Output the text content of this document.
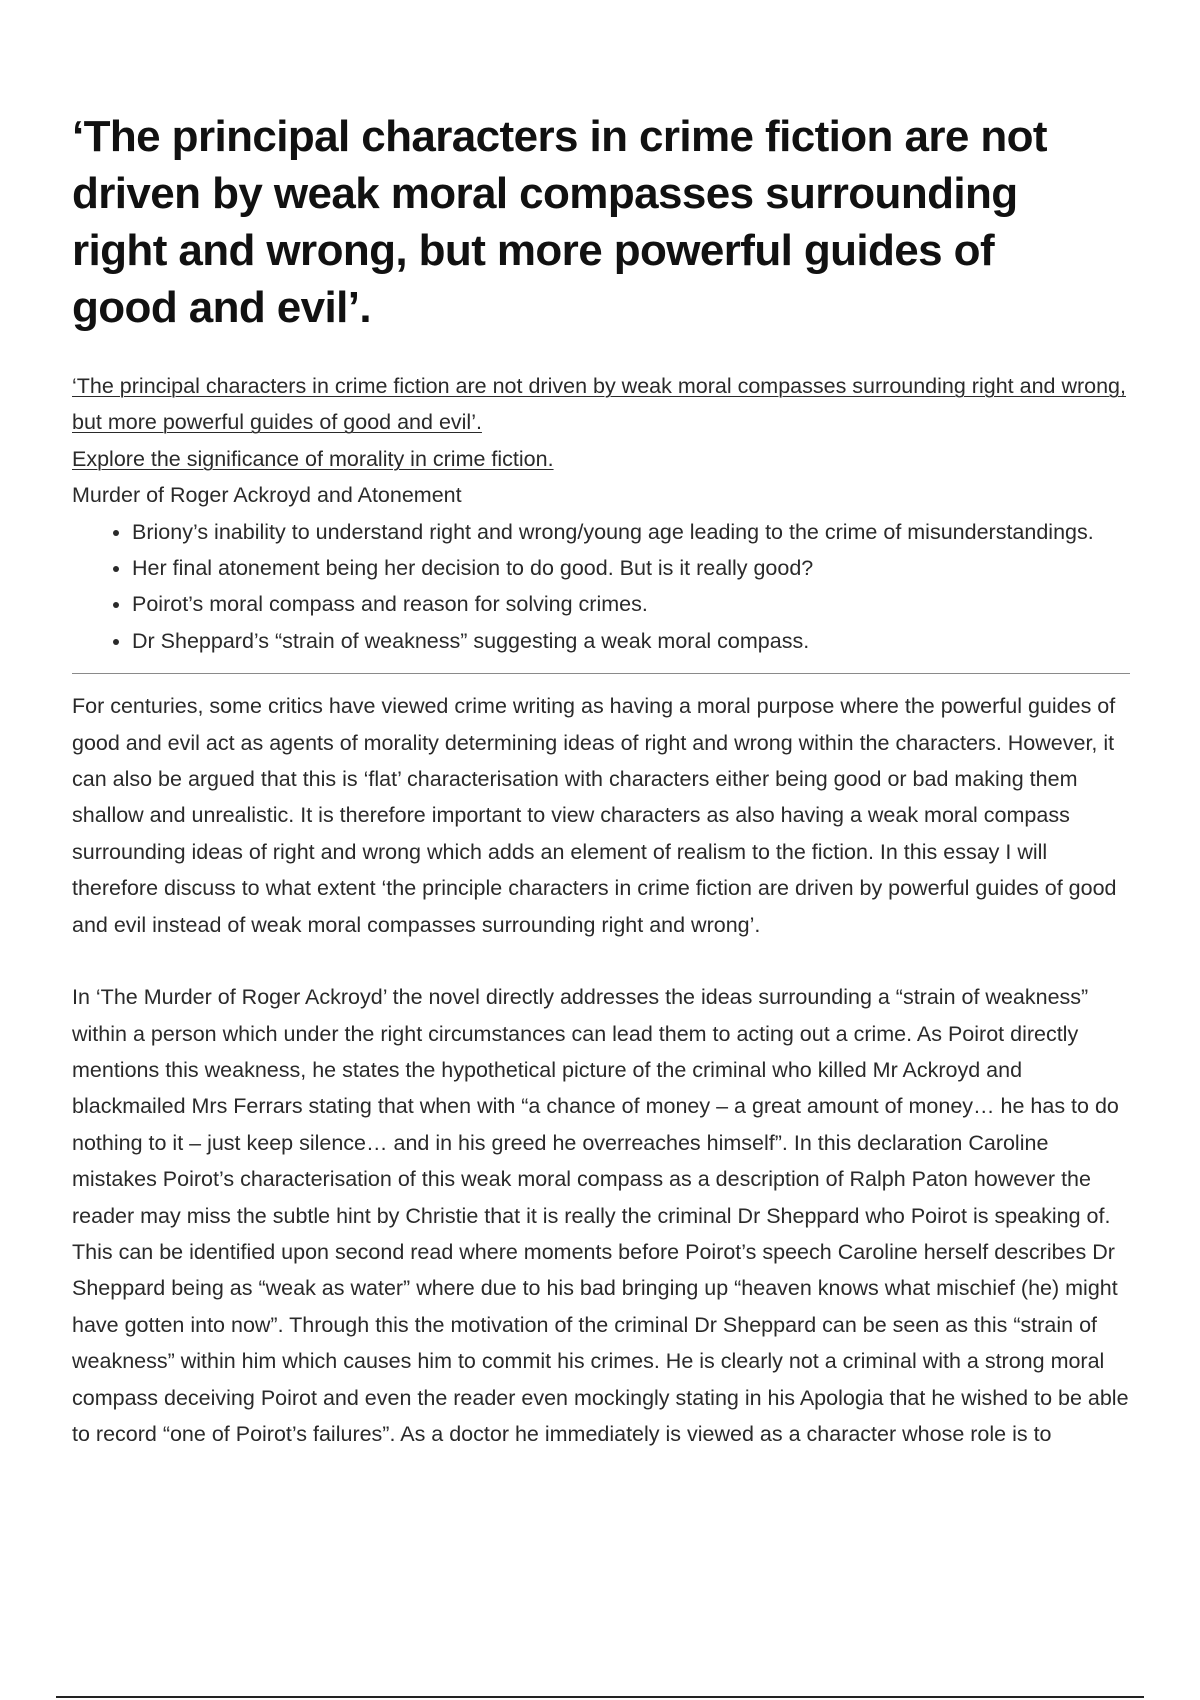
‘The principal characters in crime fiction are not driven by weak moral compasses surrounding right and wrong, but more powerful guides of good and evil’.
‘The principal characters in crime fiction are not driven by weak moral compasses surrounding right and wrong, but more powerful guides of good and evil’.
Explore the significance of morality in crime fiction.
Murder of Roger Ackroyd and Atonement
• Briony’s inability to understand right and wrong/young age leading to the crime of misunderstandings.
• Her final atonement being her decision to do good. But is it really good?
• Poirot’s moral compass and reason for solving crimes.
• Dr Sheppard’s “strain of weakness” suggesting a weak moral compass.

For centuries, some critics have viewed crime writing as having a moral purpose where the powerful guides of good and evil act as agents of morality determining ideas of right and wrong within the characters. However, it can also be argued that this is ‘flat’ characterisation with characters either being good or bad making them shallow and unrealistic. It is therefore important to view characters as also having a weak moral compass surrounding ideas of right and wrong which adds an element of realism to the fiction. In this essay I will therefore discuss to what extent ‘the principle characters in crime fiction are driven by powerful guides of good and evil instead of weak moral compasses surrounding right and wrong’.

In ‘The Murder of Roger Ackroyd’ the novel directly addresses the ideas surrounding a “strain of weakness” within a person which under the right circumstances can lead them to acting out a crime. As Poirot directly mentions this weakness, he states the hypothetical picture of the criminal who killed Mr Ackroyd and blackmailed Mrs Ferrars stating that when with “a chance of money – a great amount of money… he has to do nothing to it – just keep silence… and in his greed he overreaches himself”. In this declaration Caroline mistakes Poirot’s characterisation of this weak moral compass as a description of Ralph Paton however the reader may miss the subtle hint by Christie that it is really the criminal Dr Sheppard who Poirot is speaking of. This can be identified upon second read where moments before Poirot’s speech Caroline herself describes Dr Sheppard being as “weak as water” where due to his bad bringing up “heaven knows what mischief (he) might have gotten into now”. Through this the motivation of the criminal Dr Sheppard can be seen as this “strain of weakness” within him which causes him to commit his crimes. He is clearly not a criminal with a strong moral compass deceiving Poirot and even the reader even mockingly stating in his Apologia that he wished to be able to record “one of Poirot’s failures”. As a doctor he immediately is viewed as a character whose role is to
